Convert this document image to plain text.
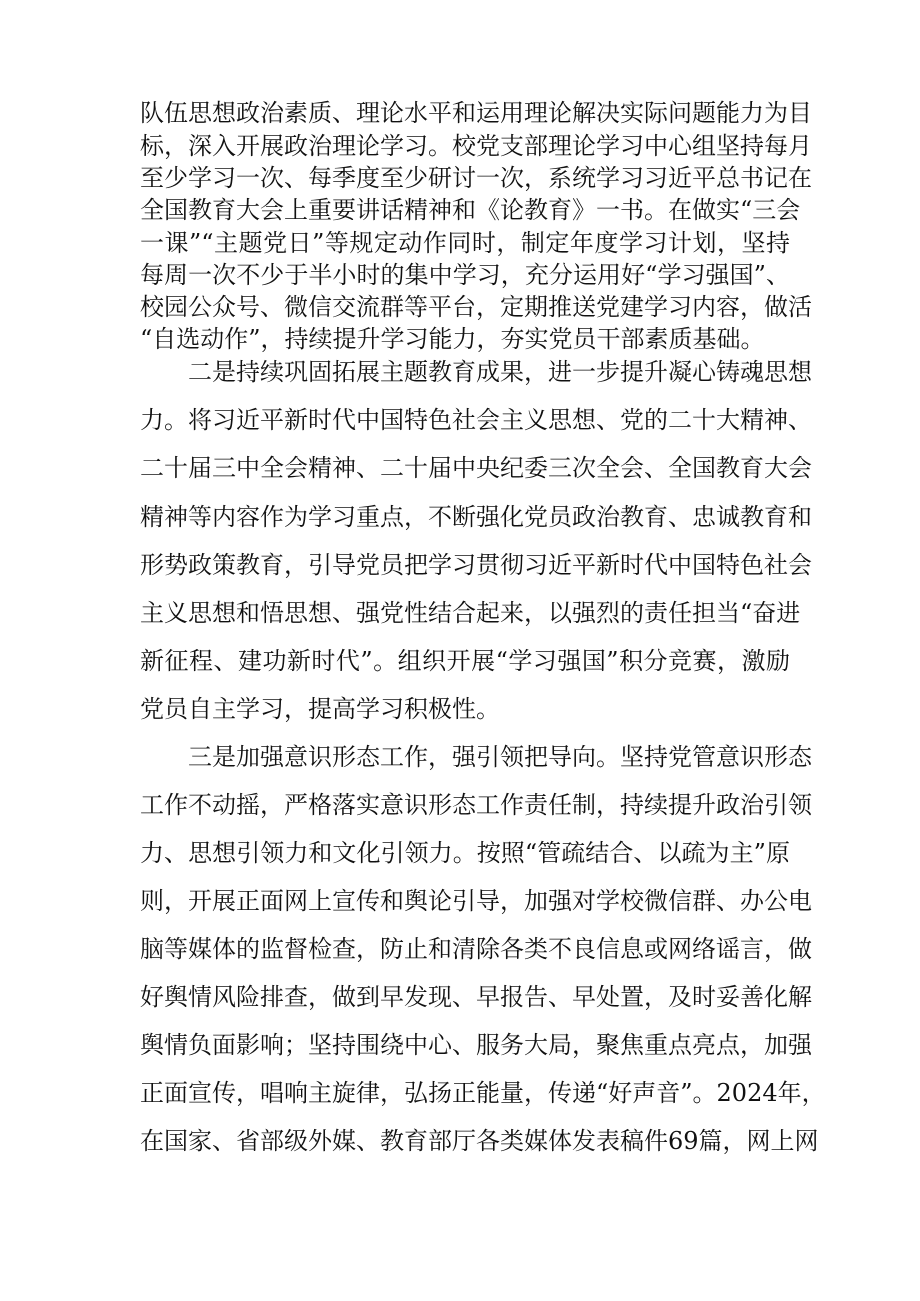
队伍思想政治素质、理论水平和运用理论解决实际问题能力为目
标，深入开展政治理论学习。校党支部理论学习中心组坚持每月
至少学习一次、每季度至少研讨一次，系统学习习近平总书记在
全国教育大会上重要讲话精神和《论教育》一书。在做实“三会
一课”“主题党日”等规定动作同时，制定年度学习计划，坚持
每周一次不少于半小时的集中学习，充分运用好“学习强国”、
校园公众号、微信交流群等平台，定期推送党建学习内容，做活
“自选动作”，持续提升学习能力，夯实党员干部素质基础。
二是持续巩固拓展主题教育成果，进一步提升凝心铸魂思想
力。将习近平新时代中国特色社会主义思想、党的二十大精神、
二十届三中全会精神、二十届中央纪委三次全会、全国教育大会
精神等内容作为学习重点，不断强化党员政治教育、忠诚教育和
形势政策教育，引导党员把学习贯彻习近平新时代中国特色社会
主义思想和悟思想、强党性结合起来，以强烈的责任担当“奋进
新征程、建功新时代”。组织开展“学习强国”积分竞赛，激励
党员自主学习，提高学习积极性。
三是加强意识形态工作，强引领把导向。坚持党管意识形态
工作不动摇，严格落实意识形态工作责任制，持续提升政治引领
力、思想引领力和文化引领力。按照“管疏结合、以疏为主”原
则，开展正面网上宣传和舆论引导，加强对学校微信群、办公电
脑等媒体的监督检查，防止和清除各类不良信息或网络谣言，做
好舆情风险排查，做到早发现、早报告、早处置，及时妥善化解
舆情负面影响；坚持围绕中心、服务大局，聚焦重点亮点，加强
正面宣传，唱响主旋律，弘扬正能量，传递“好声音”。2024年，
在国家、省部级外媒、教育部厅各类媒体发表稿件69篇，网上网
